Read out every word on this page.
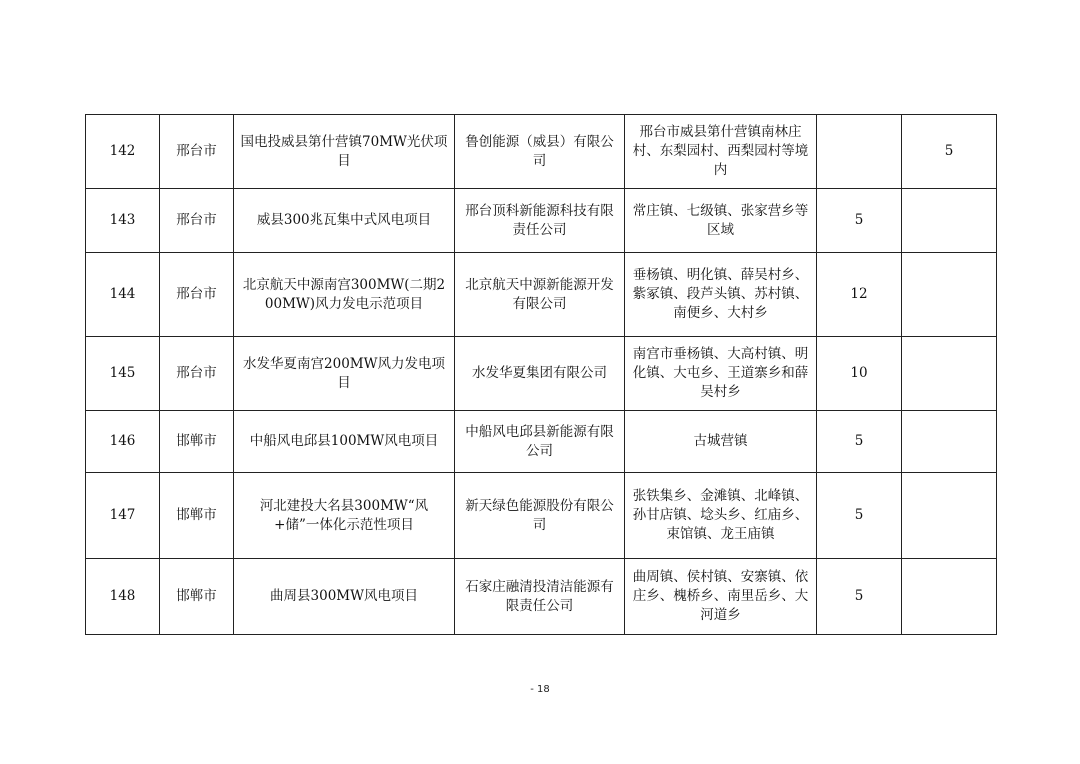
142	邢台市	国电投威县第什营镇70MW光伏项目	鲁创能源（威县）有限公司	邢台市威县第什营镇南林庄村、东梨园村、西梨园村等境内		5
143	邢台市	威县300兆瓦集中式风电项目	邢台顶科新能源科技有限责任公司	常庄镇、七级镇、张家营乡等区域	5	
144	邢台市	北京航天中源南宫300MW(二期200MW)风力发电示范项目	北京航天中源新能源开发有限公司	垂杨镇、明化镇、薛吴村乡、紫冢镇、段芦头镇、苏村镇、南便乡、大村乡	12	
145	邢台市	水发华夏南宫200MW风力发电项目	水发华夏集团有限公司	南宫市垂杨镇、大高村镇、明化镇、大屯乡、王道寨乡和薛吴村乡	10	
146	邯郸市	中船风电邱县100MW风电项目	中船风电邱县新能源有限公司	古城营镇	5	
147	邯郸市	河北建投大名县300MW“风+储”一体化示范性项目	新天绿色能源股份有限公司	张铁集乡、金滩镇、北峰镇、孙甘店镇、埝头乡、红庙乡、束馆镇、龙王庙镇	5	
148	邯郸市	曲周县300MW风电项目	石家庄融清投清洁能源有限责任公司	曲周镇、侯村镇、安寨镇、依庄乡、槐桥乡、南里岳乡、大河道乡	5	
- 18
